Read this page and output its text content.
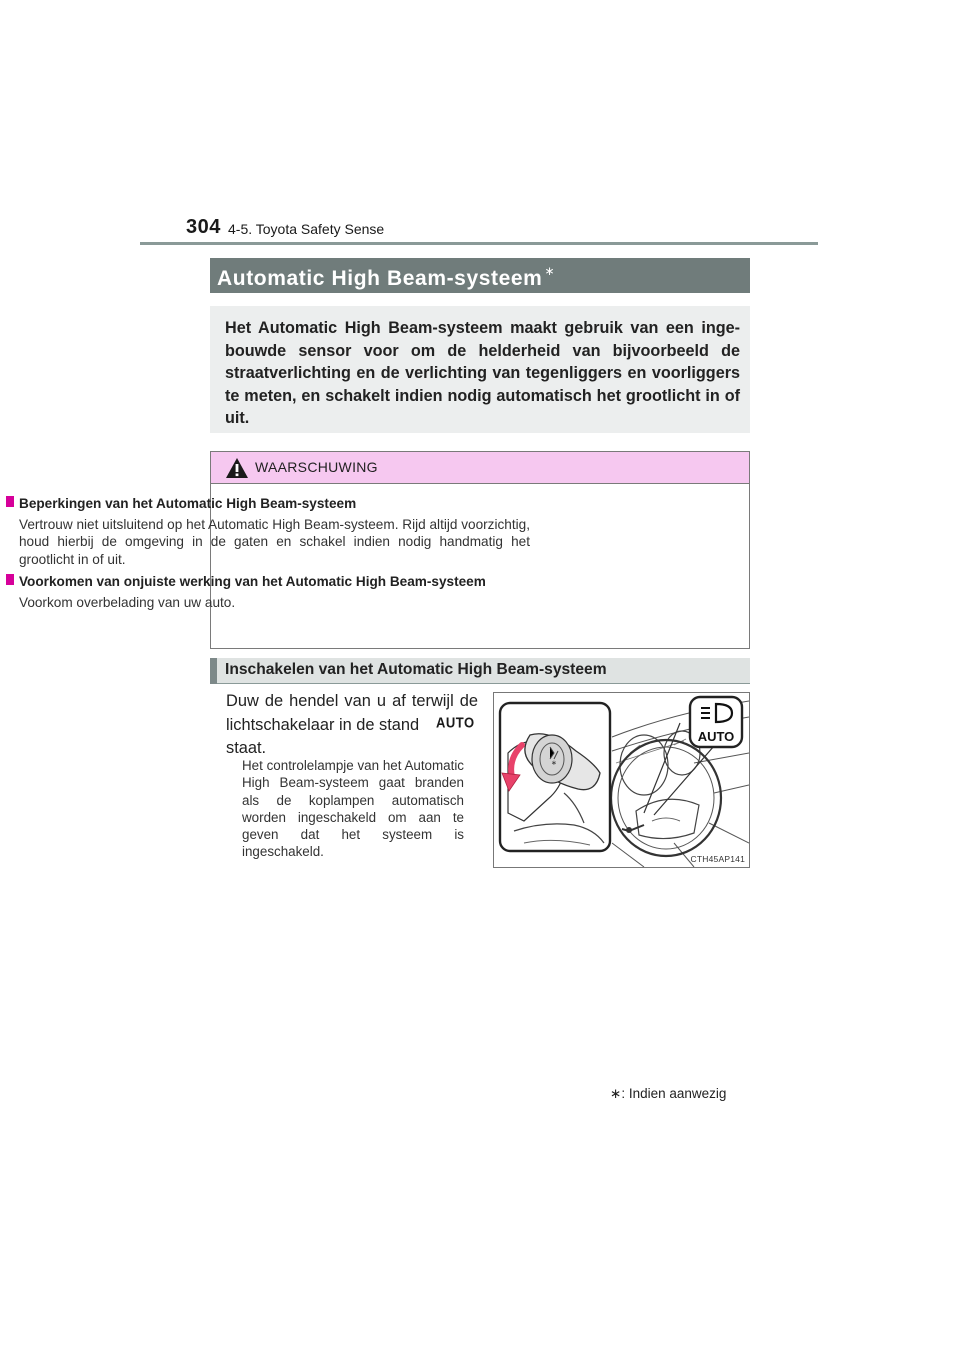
304 4-5. Toyota Safety Sense
Automatic High Beam-systeem ∗

Het Automatic High Beam-systeem maakt gebruik van een ingebouwde sensor voor om de helderheid van bijvoorbeeld de straatverlichting en de verlichting van tegenliggers en voorliggers te meten, en schakelt indien nodig automatisch het grootlicht in of uit.

WAARSCHUWING
Beperkingen van het Automatic High Beam-systeem
Vertrouw niet uitsluitend op het Automatic High Beam-systeem. Rijd altijd voorzichtig, houd hierbij de omgeving in de gaten en schakel indien nodig handmatig het grootlicht in of uit.
Voorkomen van onjuiste werking van het Automatic High Beam-systeem
Voorkom overbelading van uw auto.
Inschakelen van het Automatic High Beam-systeem
Duw de hendel van u af terwijl de
lichtschakelaar in de stand
staat.
AUTO
Het controlelampje van het Automatic High Beam-systeem gaat branden als de koplampen automatisch worden ingeschakeld om aan te geven dat het systeem is ingeschakeld.
AUTO
∗
CTH45AP141
∗: Indien aanwezig
